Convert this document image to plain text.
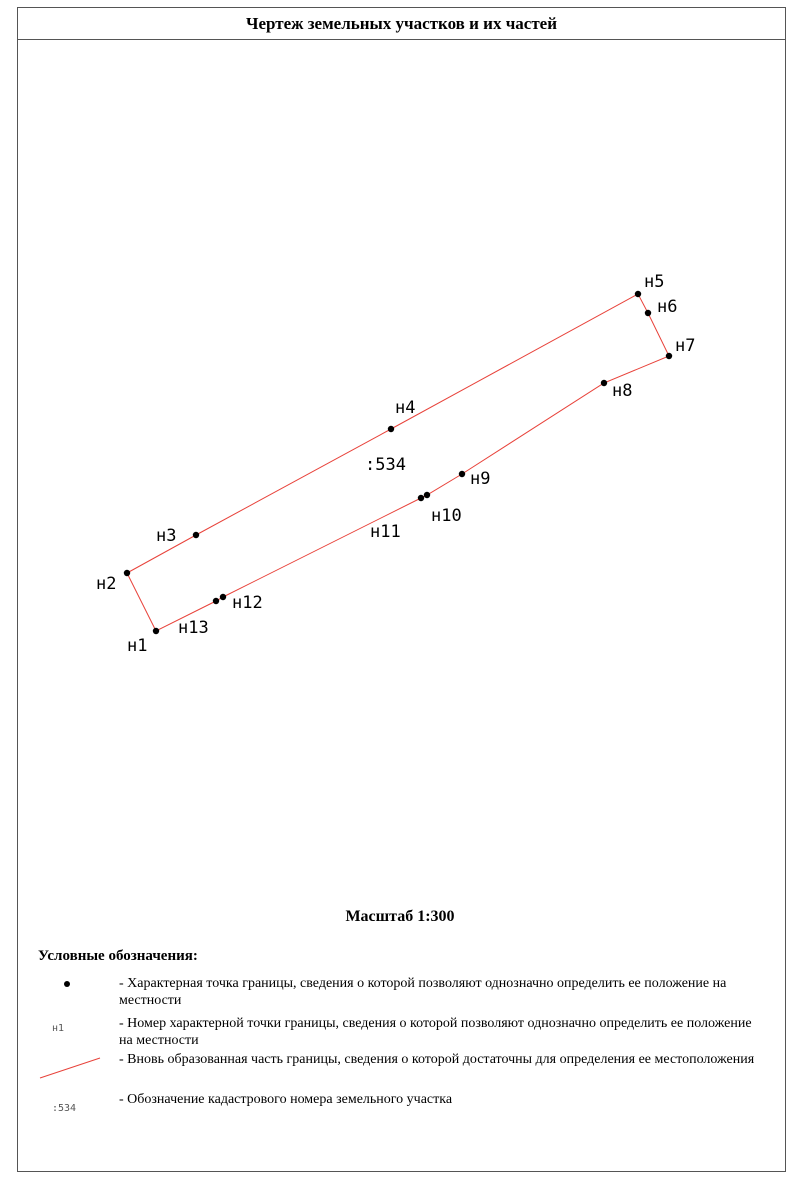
Чертеж земельных участков и их частей
н1
н2
н3
н4
н5
н6
н7
н8
н9
н10
н11
н12
н13
:534
Масштаб 1:300
Условные обозначения:
- Характерная точка границы, сведения о которой позволяют однозначно определить ее положение на местности
н1	- Номер характерной точки границы, сведения о которой позволяют однозначно определить ее положение на местности
- Вновь образованная часть границы, сведения о которой достаточны для определения ее местоположения
:534
- Обозначение кадастрового номера земельного участка
